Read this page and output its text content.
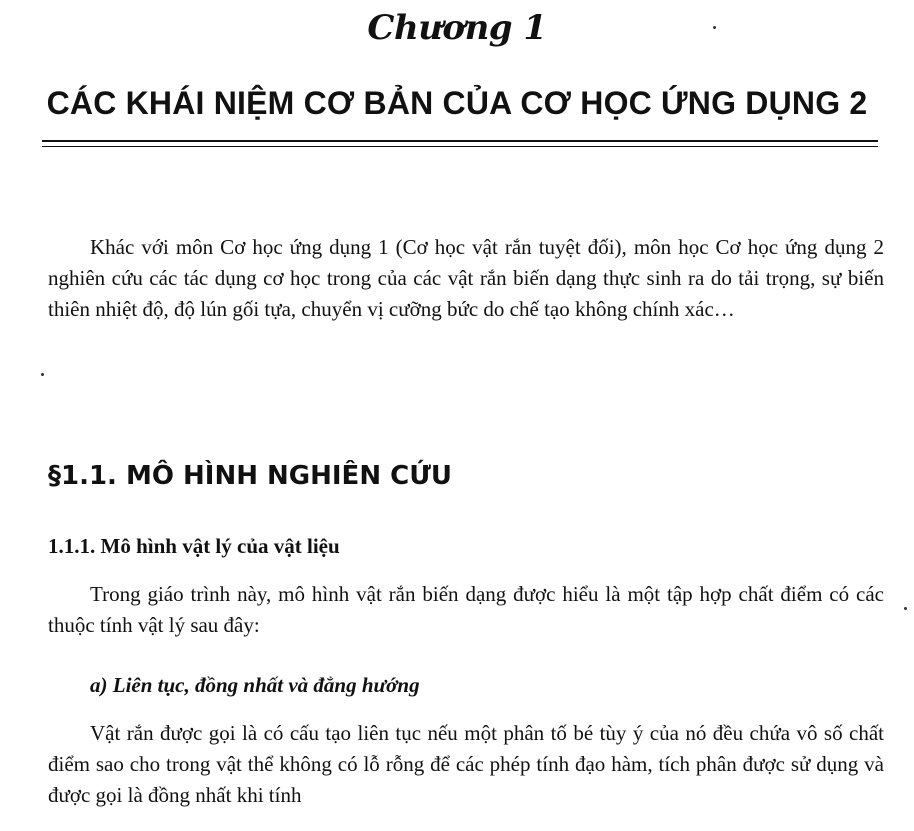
Chương 1
CÁC KHÁI NIỆM CƠ BẢN CỦA CƠ HỌC ỨNG DỤNG 2

Khác với môn Cơ học ứng dụng 1 (Cơ học vật rắn tuyệt đối), môn học Cơ học ứng dụng 2 nghiên cứu các tác dụng cơ học trong của các vật rắn biến dạng thực sinh ra do tải trọng, sự biến thiên nhiệt độ, độ lún gối tựa, chuyển vị cưỡng bức do chế tạo không chính xác…

§1.1. MÔ HÌNH NGHIÊN CỨU
1.1.1. Mô hình vật lý của vật liệu

Trong giáo trình này, mô hình vật rắn biến dạng được hiểu là một tập hợp chất điểm có các thuộc tính vật lý sau đây:

a) Liên tục, đồng nhất và đẳng hướng

Vật rắn được gọi là có cấu tạo liên tục nếu một phân tố bé tùy ý của nó đều chứa vô số chất điểm sao cho trong vật thể không có lỗ rỗng để các phép tính đạo hàm, tích phân được sử dụng và được gọi là đồng nhất khi tính
